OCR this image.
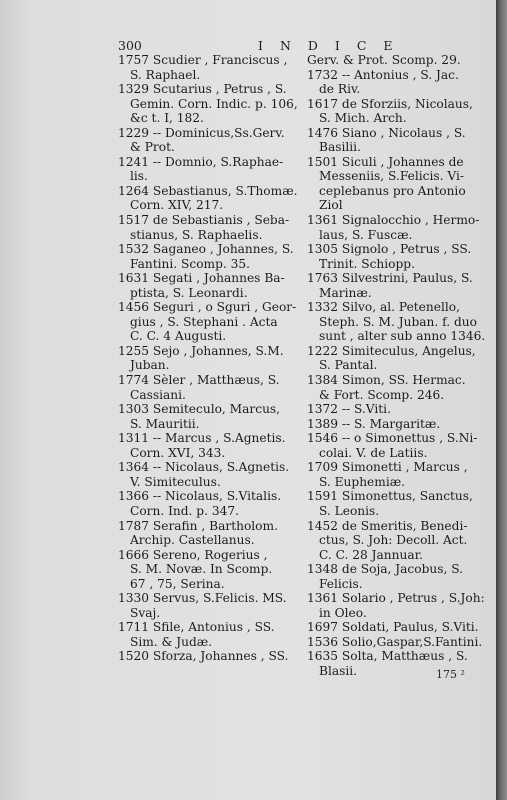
300	INDICE
1757 Scudier , Franciscus ,
S. Raphael.
1329 Scutarius , Petrus , S.
Gemin. Corn. Indic. p. 106,
&c t. I, 182.
1229 -- Dominicus,Ss.Gerv.
& Prot.
1241 -- Domnio, S.Raphae-
lis.
1264 Sebastianus, S.Thomæ.
Corn. XIV, 217.
1517 de Sebastianis , Seba-
stianus, S. Raphaelis.
1532 Saganeo , Johannes, S.
Fantini. Scomp. 35.
1631 Segati , Johannes Ba-
ptista, S. Leonardi.
1456 Seguri , o Sguri , Geor-
gius , S. Stephani . Acta
C. C. 4 Augusti.
1255 Sejo , Johannes, S.M.
Juban.
1774 Sèler , Matthæus, S.
Cassiani.
1303 Semiteculo, Marcus,
S. Mauritii.
1311 -- Marcus , S.Agnetis.
Corn. XVI, 343.
1364 -- Nicolaus, S.Agnetis.
V. Simiteculus.
1366 -- Nicolaus, S.Vitalis.
Corn. Ind. p. 347.
1787 Serafin , Bartholom.
Archip. Castellanus.
1666 Sereno, Rogerius ,
S. M. Novæ. In Scomp.
67 , 75, Serina.
1330 Servus, S.Felicis. MS.
Svaj.
1711 Sfile, Antonius , SS.
Sim. & Judæ.
1520 Sforza, Johannes , SS.
Gerv. & Prot. Scomp. 29.
1732 -- Antonius , S. Jac.
de Riv.
1617 de Sforziis, Nicolaus,
S. Mich. Arch.
1476 Siano , Nicolaus , S.
Basilii.
1501 Siculi , Johannes de
Messeniis, S.Felicis. Vi-
ceplebanus pro Antonio Ziol
1361 Signalocchio , Hermo-
laus, S. Fuscæ.
1305 Signolo , Petrus , SS.
Trinit. Schiopp.
1763 Silvestrini, Paulus, S.
Marinæ.
1332 Silvo, al. Petenello,
Steph. S. M. Juban. f. duo
sunt , alter sub anno 1346.
1222 Simiteculus, Angelus,
S. Pantal.
1384 Simon, SS. Hermac.
& Fort. Scomp. 246.
1372 -- S.Viti.
1389 -- S. Margaritæ.
1546 -- o Simonettus , S.Ni-
colai. V. de Latiis.
1709 Simonetti , Marcus ,
S. Euphemiæ.
1591 Simonettus, Sanctus,
S. Leonis.
1452 de Smeritis, Benedi-
ctus, S. Joh: Decoll. Act.
C. C. 28 Jannuar.
1348 de Soja, Jacobus, S.
Felicis.
1361 Solario , Petrus , S.Joh:
in Oleo.
1697 Soldati, Paulus, S.Viti.
1536 Solio,Gaspar,S.Fantini.
1635 Solta, Matthæus , S.
Blasii.	175 ²
